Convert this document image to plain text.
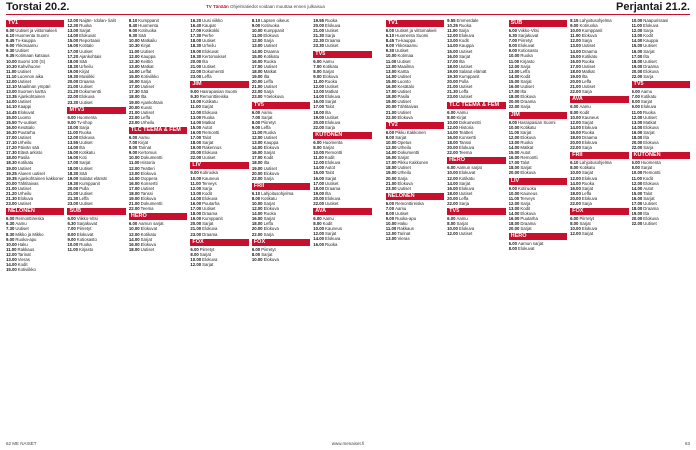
Torstai 20.2.	TV Tänään Ohjelmatiedot voidaan muuttaa ennen julkaisua	Perjantai 21.2.
TV1
6.00Uutiset ja viittomakieli
6.10Huomenta Suomi
8.45Tv-kauppa
9.00Ykkösaamu
9.30Uutiset
9.35Kotimaan katsaus
10.00Suomi 100 (S)
10.30Kahvihuone
11.00Uutiset
11.10Luonnon aika
12.00Uutiset
12.10Maailman ympäri
13.00Suomen kartta
13.35Ajankohtainen
14.00Uutiset
14.10Kaappi
14.45Elokuvat
15.00Luonto
15.50Tv-uutiset
16.00Kesätalo
16.30Puutarha
17.00Uutiset
17.10Urheilu
17.20Päivän sää
17.30Elävä arkisto
18.00Pasila
18.30Kotikatu
19.00Uutiset
19.25Alueen uutiset
19.35Ajankohtainen kakkonen
20.00Tähtitaivas
21.00Uutiset
21.20Urheilu
21.30Elokuva
23.00Uutiset
NELONEN
6.00Remonttireiska
6.30Aamu
7.30Uutiset
8.30Mikko ja Mikko
9.00Ruoka-apu
10.00Haku
11.00Rakkaus
12.00Tarinat
13.00Vieras
14.00Kodit
15.00Kotiviikko
12.00Naijän- Idolan- lialit
12.30Ruoka
13.00Sarjat
14.00Elokuvat
15.00Reportaasi
16.00Kotitalo
17.00Uutiset
17.20Ajankohtais
18.00Sää
18.30Urheilu
19.00Kirjat
19.30Musiikki
20.00Draama
21.00Uutiset
21.20Dokumentti
22.00Elokuva
23.30Uutiset
MTV3
6.00Huomenta
9.00Tv-shop
10.00Sarja
11.00Ruoka
12.00Elokuva
13.55Uutiset
14.00Ilta
15.00Kotikatu
16.00Koti
17.00Sarjat
18.00Uutiset
18.30Sää
19.00Salatut elämät
19.30Kumppanit
20.00Pulla
21.00Uutiset
21.30Leffa
23.00Uutiset
SUB
6.00Viikko-Vitsi
6.30Sarjakuvat
7.00Piirretyt
8.00Elokuvat
9.00Kotiosasto
10.00Ruoka
11.00Kirjasto
8.10Kumppanit
8.40Huomenta
9.00Kotiruoka
9.30Sää
10.00Matkailu
10.30Kirjat
11.00Uutiset
12.00Kauppa
12.30Keittiö
13.00Matkat
14.00Leffat
15.00Kotiviikko
16.00Sarja
17.00Uutiset
17.30Sää
18.00Ilta
19.00Ajankohtais
20.00Kuvat
21.00Uutiset
22.00Leffa
23.00Urheilu
TLC TEEMA & FEM
6.00Aamu
7.00Kirjat
8.00Tarinat
9.00Kertomus
10.00Dokumentti
11.00Historia
12.00Teatteri
13.00Elokuva
14.00Ooppera
16.00Konsertti
17.00Uutiset
18.00Tanssi
19.00Elokuva
21.00Dokumentti
22.00Teema
HERO
6.00Aamun sarjat
10.00Elokuvat
12.00Kotikatu
14.00Sarjat
16.00Elokuva
18.00Uutiset
16.20Uusi viikko
16.40Kaupat
17.00Kotikokki
17.30Perhe
18.00Uutiset
18.30Urheilu
19.00Elokuvat
19.30Kertomukset
20.00Ilta
21.00Uutiset
22.00Dokumentti
23.00Leffa
JIM
9.00Hasrapasian Suomi
9.30Remonttireiska
10.00Kotikatu
11.00Sarjat
12.00Elokuva
13.00Ruoka
14.00Matkat
15.00Autot
16.00Remontti
17.00Talot
18.00Sarjat
19.00Rakennus
20.00Elokuva
22.00Uutiset
LIV
9.00Kotiruoka
10.00Kauneus
11.00Terveys
12.00Sarja
13.00Kodit
14.00Elokuva
16.00Puutarha
17.00Uutiset
18.00Draama
19.00Kumppanit
20.00Sarjat
21.00Elokuva
23.00Draama
FOX
6.00Piirretyt
8.00Sarjat
10.00Elokuva
12.00Sarjat
8.10Lapsen oikeus
9.00Kotiruoka
10.00Kumppanit
11.00Elokuva
12.00Sarja
13.00Uutiset
14.00Draama
15.00Kotikatu
16.00Ruoka
17.00Uutiset
18.00Matkat
19.00Ilta
20.00Leffa
21.00Uutiset
22.00Sarja
23.00Yöelokuva
TV5
6.00Aamu
7.00Sarjat
8.00Piirretyt
9.00Leffa
11.00Ruoka
12.00Uutiset
13.00Kauppa
14.00Elokuva
16.00Sarjat
17.00Kodit
18.00Ilta
19.00Uutiset
20.00Elokuva
22.00Sarja
FRII
6.10Lahjoitusohjelma
8.00Kotikatu
10.00Sarjat
12.00Elokuva
14.00Ruoka
16.00Sarjat
18.00Leffa
20.00Elokuva
22.00Sarja
FOX
6.00Piirretyt
8.00Sarjat
10.00Elokuva
19.55Ruoka
20.00Elokuva
21.00Uutiset
21.30Sarja
22.30Draama
23.30Uutiset
TV5
6.00Aamu
7.00Kotikatu
8.00Sarjat
9.00Elokuva
11.00Ruoka
12.00Uutiset
13.00Matkat
14.00Elokuva
16.00Sarjat
17.00Talot
18.00Ilta
19.00Uutiset
20.00Elokuva
22.00Sarja
KUTONEN
6.00Huomenta
8.00Sarjat
10.00Remontti
11.00Kodit
12.00Elokuva
14.00Autot
15.00Talot
16.00Sarjat
17.00Uutiset
18.00Draama
19.00Ilta
20.00Elokuva
22.00Uutiset
AVA
6.00Aamu
8.00Kodit
10.00Kauneus
12.00Sarjat
14.00Elokuva
16.00Ruoka
TV1
6.00Uutiset ja viittomakieli
6.10Huomenta Suomi
8.45Tv-kauppa
9.00Ykkösaamu
9.30Uutiset
10.00Kotimaa
11.00Uutiset
12.00Maailma
13.00Kartta
14.00Uutiset
15.00Luonto
16.00Kesätalo
17.00Uutiset
18.00Pasila
19.00Uutiset
20.00Tähtitaivas
21.00Uutiset
22.00Elokuva
TV2
6.00Pikku Kakkonen
8.00Sarjat
10.00Opetus
12.00Urheilu
14.00Dokumentti
16.00Sarjat
17.00Pikku Kakkonen
18.00Uutiset
19.00Urheilu
20.00Sarja
21.00Elokuva
23.00Uutiset
NELONEN
6.00Remonttireiska
7.00Aamu
8.00Uutiset
9.00Ruoka-apu
10.00Haku
11.00Rakkaus
12.00Tarinat
13.00Vieras
9.55Emmerdale
10.25Ruoka
11.00Sarja
12.00Elokuva
13.00Kodit
14.00Kauppa
15.00Uutiset
16.00Sarjat
17.00Ilta
18.00Uutiset
19.00Salatut elämät
19.30Kumppanit
20.00Pulla
21.00Uutiset
21.30Leffa
23.00Uutiset
TLC TEEMA & FEM
6.00Aamu
8.00Kirjat
10.00Dokumentti
12.00Historia
14.00Teatteri
16.00Konsertti
18.00Tanssi
20.00Elokuva
22.00Teema
HERO
6.00Aamun sarjat
10.00Elokuvat
12.00Kotikatu
14.00Sarjat
16.00Elokuva
18.00Uutiset
20.00Leffa
22.00Sarja
TV5
6.00Aamu
8.00Sarjat
10.00Elokuva
12.00Uutiset
SUB
6.00Viikko-Vitsi
6.30Sarjakuvat
7.00Piirretyt
8.00Elokuvat
9.00Kotiosasto
10.00Ruoka
11.00Kirjasto
12.00Sarja
13.00Leffa
14.00Kodit
15.00Sarjat
16.00Uutiset
17.00Ilta
18.00Elokuva
20.00Draama
22.00Sarja
JIM
9.00Hasrapasian Suomi
10.00Kotikatu
11.00Sarjat
12.00Elokuva
13.00Ruoka
14.00Matkat
15.00Autot
16.00Remontti
17.00Talot
18.00Sarjat
20.00Elokuva
LIV
9.00Kotiruoka
10.00Kauneus
11.00Terveys
12.00Sarja
13.00Kodit
14.00Elokuva
16.00Puutarha
18.00Draama
20.00Sarjat
HERO
6.00Aamun sarjat
8.00Elokuvat
8.15Lahjoitusohjelma
9.00Kotiruoka
10.00Kumppanit
11.00Elokuva
12.00Sarja
13.00Uutiset
14.00Draama
15.00Kotikatu
16.00Ruoka
17.00Uutiset
18.00Matkat
19.00Ilta
20.00Leffa
21.00Uutiset
22.00Sarja
AVA
6.00Aamu
8.00Kodit
10.00Kauneus
12.00Sarjat
14.00Elokuva
16.00Ruoka
18.00Draama
20.00Elokuva
22.00Sarja
FRII
6.10Lahjoitusohjelma
8.00Kotikatu
10.00Sarjat
12.00Elokuva
14.00Ruoka
16.00Sarjat
18.00Leffa
20.00Elokuva
22.00Sarja
FOX
6.00Piirretyt
8.00Sarjat
10.00Elokuva
12.00Sarjat
10.00Naapurissasi
11.00Elokuva
12.00Sarja
13.00Kodit
14.00Kauppa
15.00Uutiset
16.00Sarjat
17.00Ilta
18.00Uutiset
19.00Draama
20.00Elokuva
22.00Sarja
TV5
6.00Aamu
7.00Kotikatu
8.00Sarjat
9.00Elokuva
11.00Ruoka
12.00Uutiset
13.00Matkat
14.00Elokuva
16.00Sarjat
18.00Ilta
20.00Elokuva
22.00Sarja
KUTONEN
6.00Huomenta
8.00Sarjat
10.00Remontti
11.00Kodit
12.00Elokuva
14.00Autot
15.00Talot
16.00Sarjat
17.00Uutiset
18.00Draama
19.00Ilta
20.00Elokuva
22.00Uutiset
62 ME NAISET	www.menaiset.fi	63
